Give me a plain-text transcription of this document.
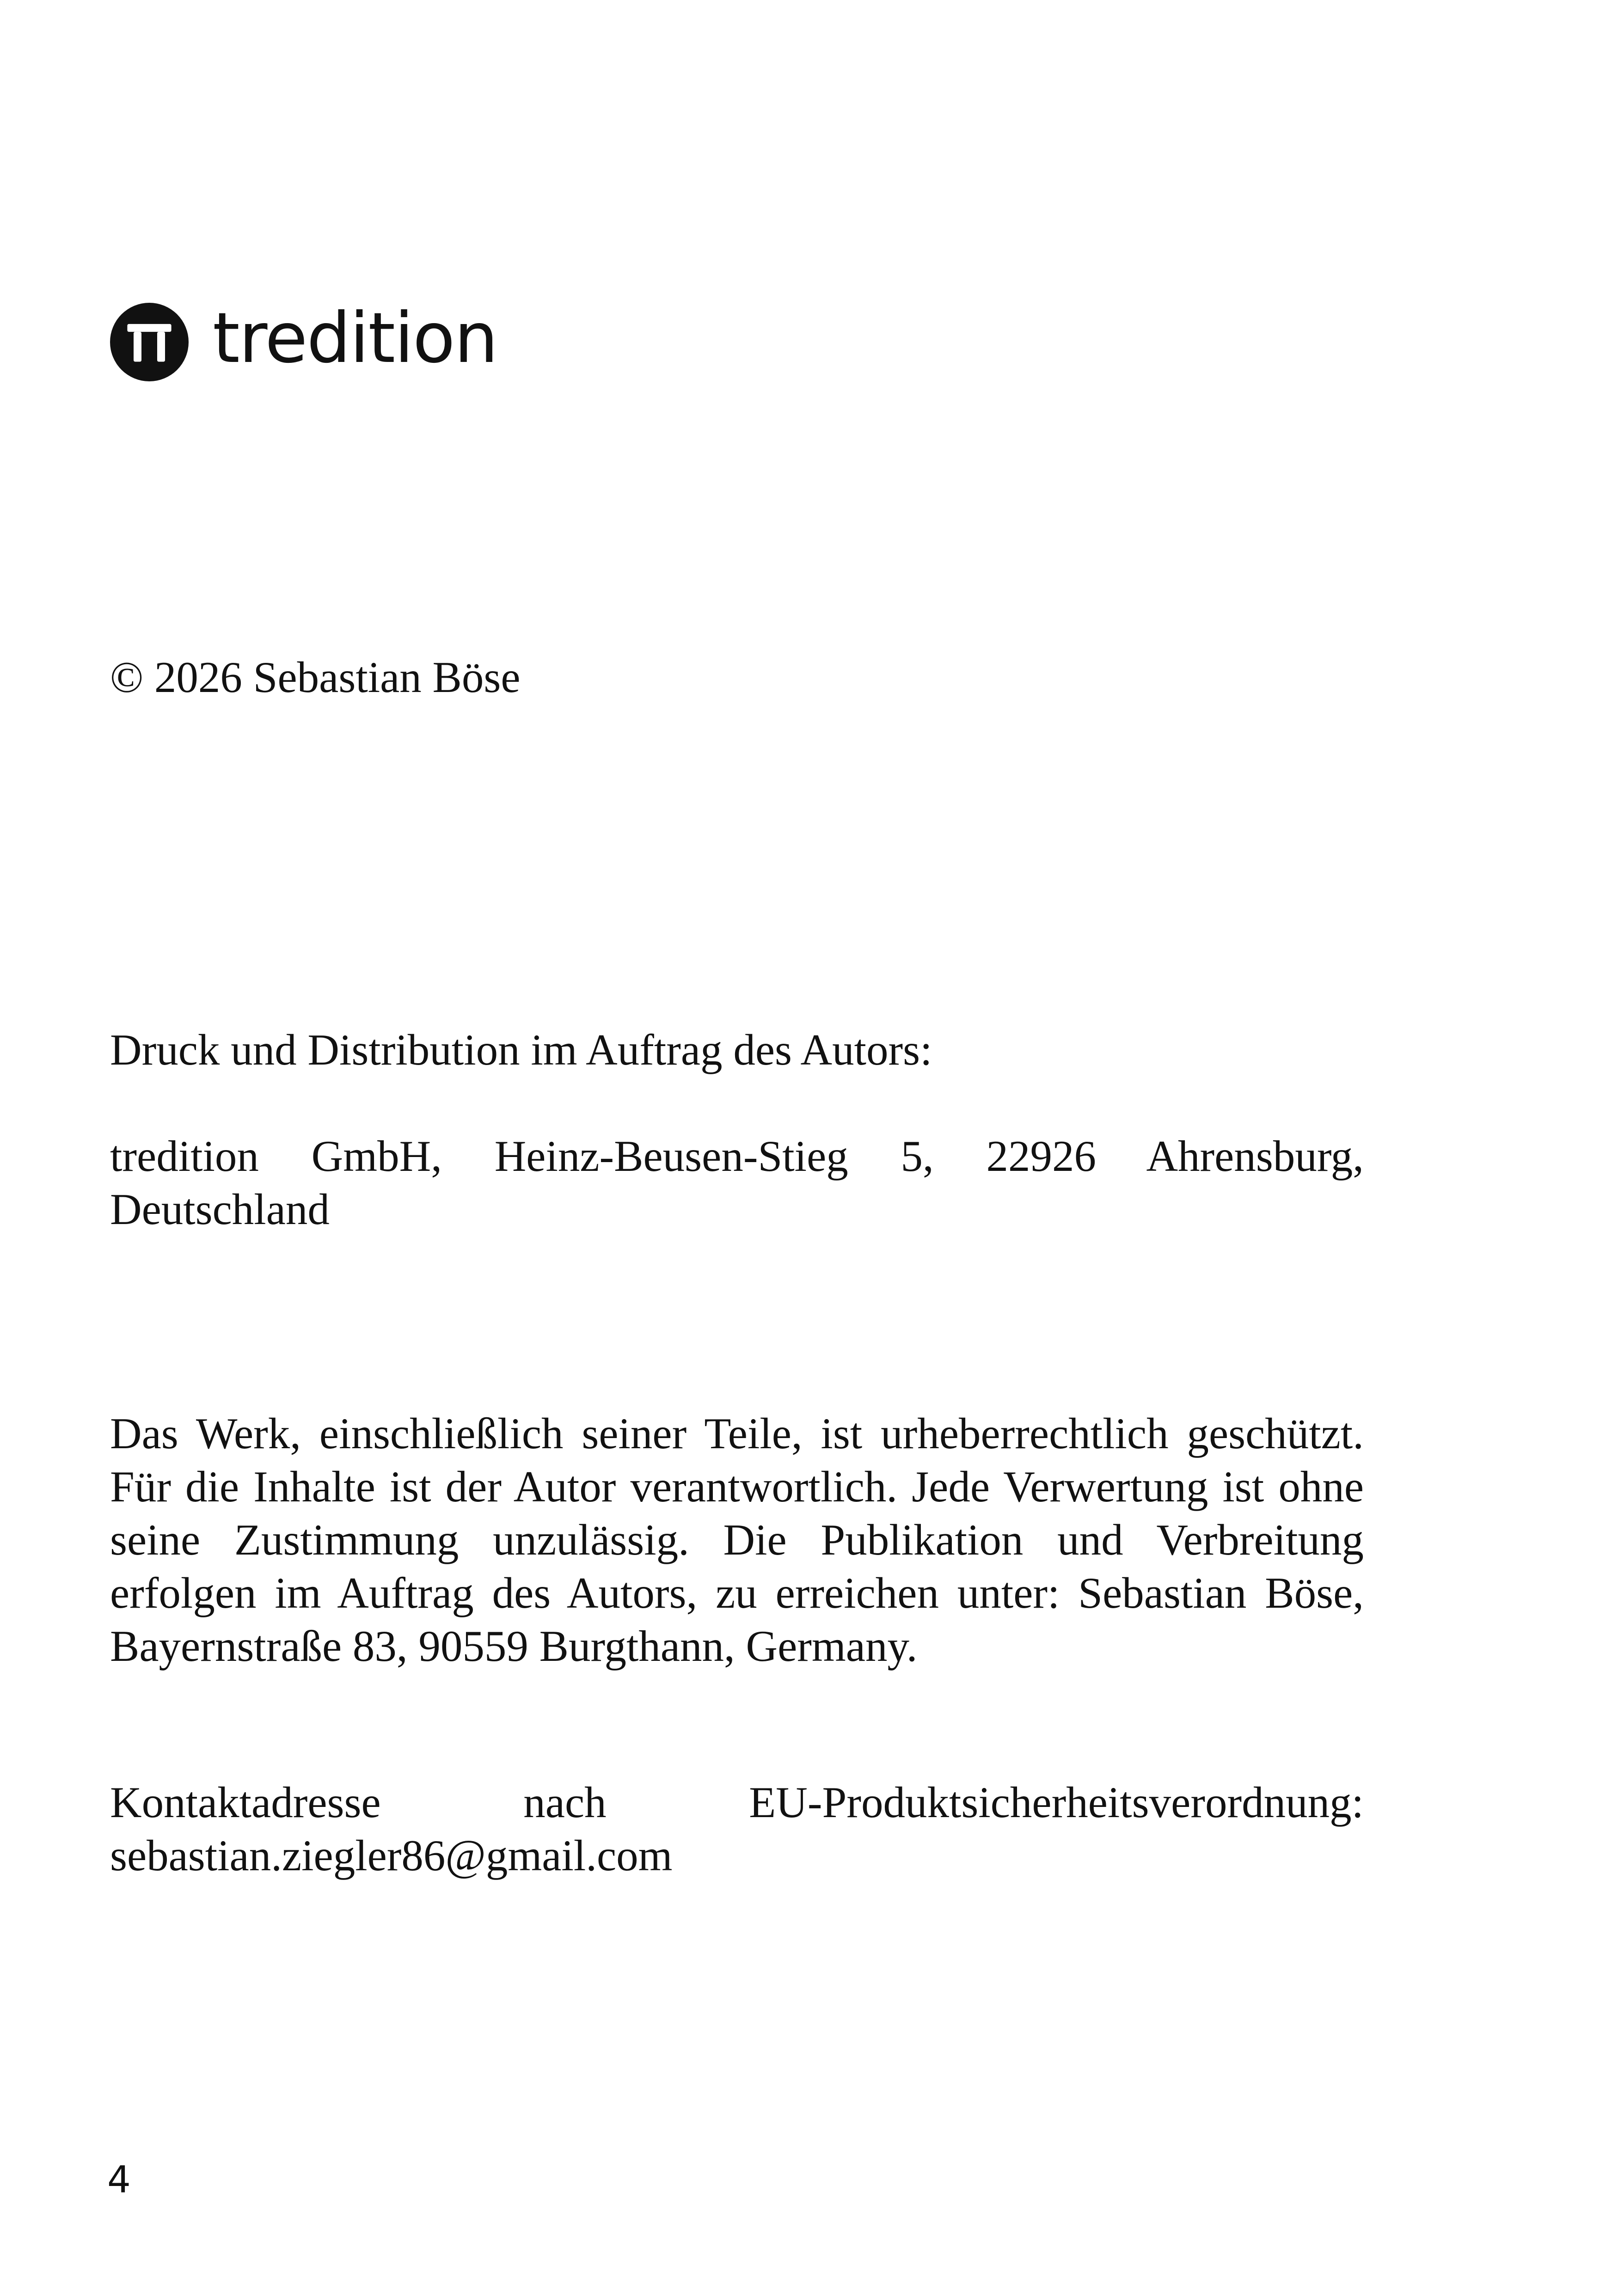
tredition
© 2026 Sebastian Böse
Druck und Distribution im Auftrag des Autors:
tredition GmbH, Heinz-Beusen-Stieg 5, 22926 Ahrensburg, Deutschland
Das Werk, einschließlich seiner Teile, ist urheberrechtlich geschützt. Für die Inhalte ist der Autor verantwortlich. Jede Verwertung ist ohne seine Zustimmung unzulässig. Die Publikation und Verbreitung erfolgen im Auftrag des Autors, zu erreichen unter: Sebastian Böse, Bayernstraße 83, 90559 Burgthann, Germany.
Kontaktadresse	nach	EU-Produktsicherheitsverordnung:
sebastian.ziegler86@gmail.com
4
